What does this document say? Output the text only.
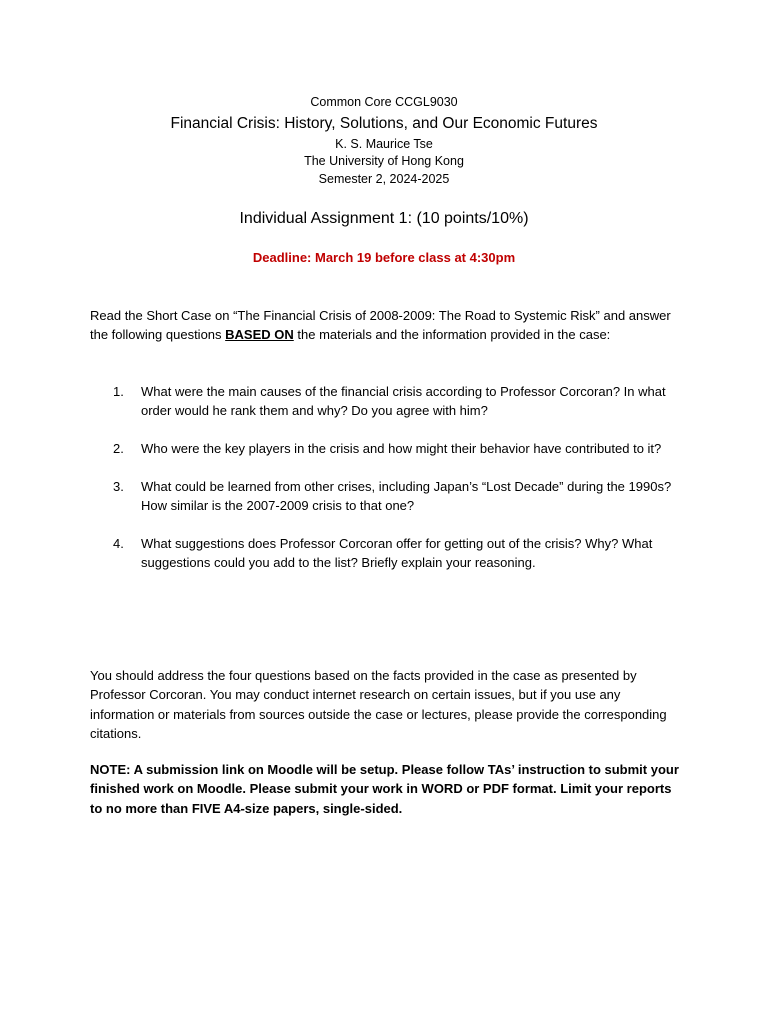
Common Core CCGL9030
Financial Crisis: History, Solutions, and Our Economic Futures
K. S. Maurice Tse
The University of Hong Kong
Semester 2, 2024-2025
Individual Assignment 1: (10 points/10%)
Deadline: March 19 before class at 4:30pm
Read the Short Case on “The Financial Crisis of 2008-2009: The Road to Systemic Risk” and answer the following questions BASED ON the materials and the information provided in the case:
1. What were the main causes of the financial crisis according to Professor Corcoran? In what order would he rank them and why? Do you agree with him?
2. Who were the key players in the crisis and how might their behavior have contributed to it?
3. What could be learned from other crises, including Japan’s “Lost Decade” during the 1990s? How similar is the 2007-2009 crisis to that one?
4. What suggestions does Professor Corcoran offer for getting out of the crisis? Why? What suggestions could you add to the list? Briefly explain your reasoning.
You should address the four questions based on the facts provided in the case as presented by Professor Corcoran. You may conduct internet research on certain issues, but if you use any information or materials from sources outside the case or lectures, please provide the corresponding citations.
NOTE: A submission link on Moodle will be setup. Please follow TAs’ instruction to submit your finished work on Moodle. Please submit your work in WORD or PDF format. Limit your reports to no more than FIVE A4-size papers, single-sided.
